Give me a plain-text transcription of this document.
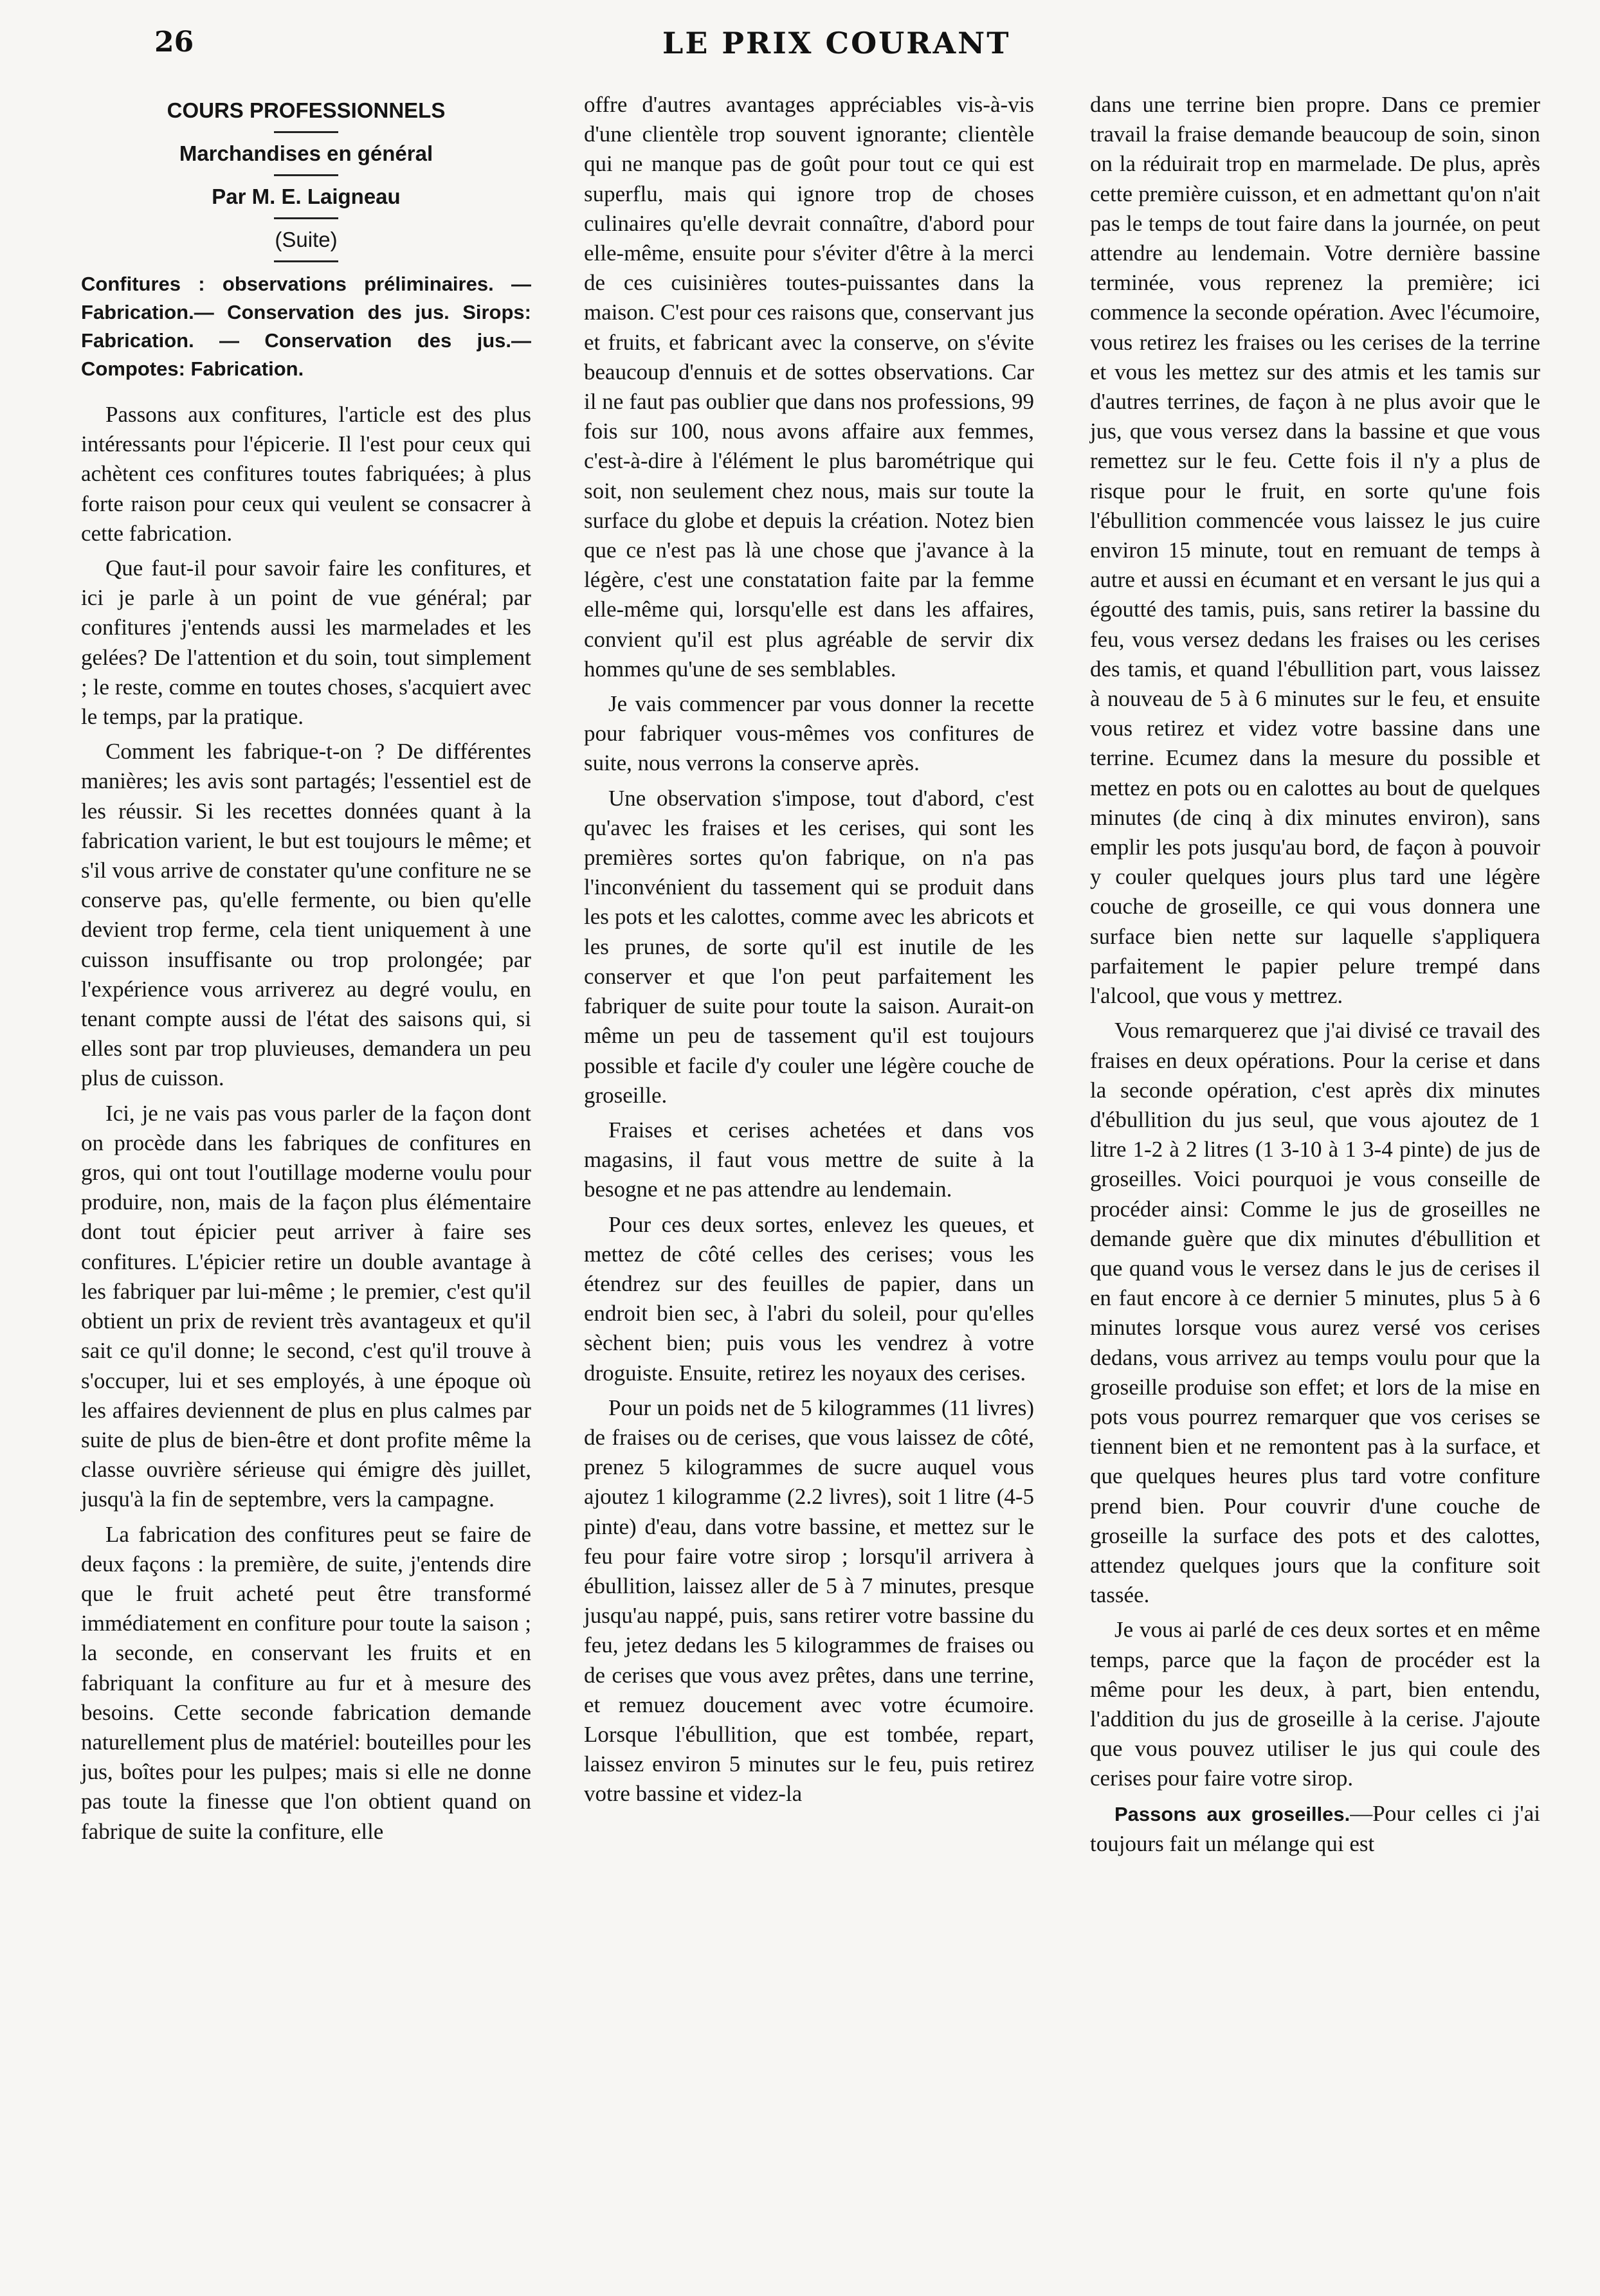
26	LE PRIX COURANT
COURS PROFESSIONNELS
Marchandises en général
Par M. E. Laigneau
(Suite)
Confitures : observations préliminaires. —Fabrication.— Conservation des jus. Sirops: Fabrication. — Conservation des jus.—Compotes: Fabrication.

Passons aux confitures, l'article est des plus intéressants pour l'épicerie. Il l'est pour ceux qui achètent ces confitures toutes fabriquées; à plus forte raison pour ceux qui veulent se consacrer à cette fabrication.

Que faut-il pour savoir faire les confitures, et ici je parle à un point de vue général; par confitures j'entends aussi les marmelades et les gelées? De l'attention et du soin, tout simplement ; le reste, comme en toutes choses, s'acquiert avec le temps, par la pratique.

Comment les fabrique-t-on ? De différentes manières; les avis sont partagés; l'essentiel est de les réussir. Si les recettes données quant à la fabrication varient, le but est toujours le même; et s'il vous arrive de constater qu'une confiture ne se conserve pas, qu'elle fermente, ou bien qu'elle devient trop ferme, cela tient uniquement à une cuisson insuffisante ou trop prolongée; par l'expérience vous arriverez au degré voulu, en tenant compte aussi de l'état des saisons qui, si elles sont par trop pluvieuses, demandera un peu plus de cuisson.

Ici, je ne vais pas vous parler de la façon dont on procède dans les fabriques de confitures en gros, qui ont tout l'outillage moderne voulu pour produire, non, mais de la façon plus élémentaire dont tout épicier peut arriver à faire ses confitures. L'épicier retire un double avantage à les fabriquer par lui-même ; le premier, c'est qu'il obtient un prix de revient très avantageux et qu'il sait ce qu'il donne; le second, c'est qu'il trouve à s'occuper, lui et ses employés, à une époque où les affaires deviennent de plus en plus calmes par suite de plus de bien-être et dont profite même la classe ouvrière sérieuse qui émigre dès juillet, jusqu'à la fin de septembre, vers la campagne.

La fabrication des confitures peut se faire de deux façons : la première, de suite, j'entends dire que le fruit acheté peut être transformé immédiatement en confiture pour toute la saison ; la seconde, en conservant les fruits et en fabriquant la confiture au fur et à mesure des besoins. Cette seconde fabrication demande naturellement plus de matériel: bouteilles pour les jus, boîtes pour les pulpes; mais si elle ne donne pas toute la finesse que l'on obtient quand on fabrique de suite la confiture, elle

offre d'autres avantages appréciables vis-à-vis d'une clientèle trop souvent ignorante; clientèle qui ne manque pas de goût pour tout ce qui est superflu, mais qui ignore trop de choses culinaires qu'elle devrait connaître, d'abord pour elle-même, ensuite pour s'éviter d'être à la merci de ces cuisinières toutes-puissantes dans la maison. C'est pour ces raisons que, conservant jus et fruits, et fabricant avec la conserve, on s'évite beaucoup d'ennuis et de sottes observations. Car il ne faut pas oublier que dans nos professions, 99 fois sur 100, nous avons affaire aux femmes, c'est-à-dire à l'élément le plus barométrique qui soit, non seulement chez nous, mais sur toute la surface du globe et depuis la création. Notez bien que ce n'est pas là une chose que j'avance à la légère, c'est une constatation faite par la femme elle-même qui, lorsqu'elle est dans les affaires, convient qu'il est plus agréable de servir dix hommes qu'une de ses semblables.

Je vais commencer par vous donner la recette pour fabriquer vous-mêmes vos confitures de suite, nous verrons la conserve après.

Une observation s'impose, tout d'abord, c'est qu'avec les fraises et les cerises, qui sont les premières sortes qu'on fabrique, on n'a pas l'inconvénient du tassement qui se produit dans les pots et les calottes, comme avec les abricots et les prunes, de sorte qu'il est inutile de les conserver et que l'on peut parfaitement les fabriquer de suite pour toute la saison. Aurait-on même un peu de tassement qu'il est toujours possible et facile d'y couler une légère couche de groseille.

Fraises et cerises achetées et dans vos magasins, il faut vous mettre de suite à la besogne et ne pas attendre au lendemain.

Pour ces deux sortes, enlevez les queues, et mettez de côté celles des cerises; vous les étendrez sur des feuilles de papier, dans un endroit bien sec, à l'abri du soleil, pour qu'elles sèchent bien; puis vous les vendrez à votre droguiste. Ensuite, retirez les noyaux des cerises.

Pour un poids net de 5 kilogrammes (11 livres) de fraises ou de cerises, que vous laissez de côté, prenez 5 kilogrammes de sucre auquel vous ajoutez 1 kilogramme (2.2 livres), soit 1 litre (4-5 pinte) d'eau, dans votre bassine, et mettez sur le feu pour faire votre sirop ; lorsqu'il arrivera à ébullition, laissez aller de 5 à 7 minutes, presque jusqu'au nappé, puis, sans retirer votre bassine du feu, jetez dedans les 5 kilogrammes de fraises ou de cerises que vous avez prêtes, dans une terrine, et remuez doucement avec votre écumoire. Lorsque l'ébullition, que est tombée, repart, laissez environ 5 minutes sur le feu, puis retirez votre bassine et videz-la

dans une terrine bien propre. Dans ce premier travail la fraise demande beaucoup de soin, sinon on la réduirait trop en marmelade. De plus, après cette première cuisson, et en admettant qu'on n'ait pas le temps de tout faire dans la journée, on peut attendre au lendemain. Votre dernière bassine terminée, vous reprenez la première; ici commence la seconde opération. Avec l'écumoire, vous retirez les fraises ou les cerises de la terrine et vous les mettez sur des atmis et les tamis sur d'autres terrines, de façon à ne plus avoir que le jus, que vous versez dans la bassine et que vous remettez sur le feu. Cette fois il n'y a plus de risque pour le fruit, en sorte qu'une fois l'ébullition commencée vous laissez le jus cuire environ 15 minute, tout en remuant de temps à autre et aussi en écumant et en versant le jus qui a égoutté des tamis, puis, sans retirer la bassine du feu, vous versez dedans les fraises ou les cerises des tamis, et quand l'ébullition part, vous laissez à nouveau de 5 à 6 minutes sur le feu, et ensuite vous retirez et videz votre bassine dans une terrine. Ecumez dans la mesure du possible et mettez en pots ou en calottes au bout de quelques minutes (de cinq à dix minutes environ), sans emplir les pots jusqu'au bord, de façon à pouvoir y couler quelques jours plus tard une légère couche de groseille, ce qui vous donnera une surface bien nette sur laquelle s'appliquera parfaitement le papier pelure trempé dans l'alcool, que vous y mettrez.

Vous remarquerez que j'ai divisé ce travail des fraises en deux opérations. Pour la cerise et dans la seconde opération, c'est après dix minutes d'ébullition du jus seul, que vous ajoutez de 1 litre 1-2 à 2 litres (1 3-10 à 1 3-4 pinte) de jus de groseilles. Voici pourquoi je vous conseille de procéder ainsi: Comme le jus de groseilles ne demande guère que dix minutes d'ébullition et que quand vous le versez dans le jus de cerises il en faut encore à ce dernier 5 minutes, plus 5 à 6 minutes lorsque vous aurez versé vos cerises dedans, vous arrivez au temps voulu pour que la groseille produise son effet; et lors de la mise en pots vous pourrez remarquer que vos cerises se tiennent bien et ne remontent pas à la surface, et que quelques heures plus tard votre confiture prend bien. Pour couvrir d'une couche de groseille la surface des pots et des calottes, attendez quelques jours que la confiture soit tassée.

Je vous ai parlé de ces deux sortes et en même temps, parce que la façon de procéder est la même pour les deux, à part, bien entendu, l'addition du jus de groseille à la cerise. J'ajoute que vous pouvez utiliser le jus qui coule des cerises pour faire votre sirop.

Passons aux groseilles.—Pour celles ci j'ai toujours fait un mélange qui est
